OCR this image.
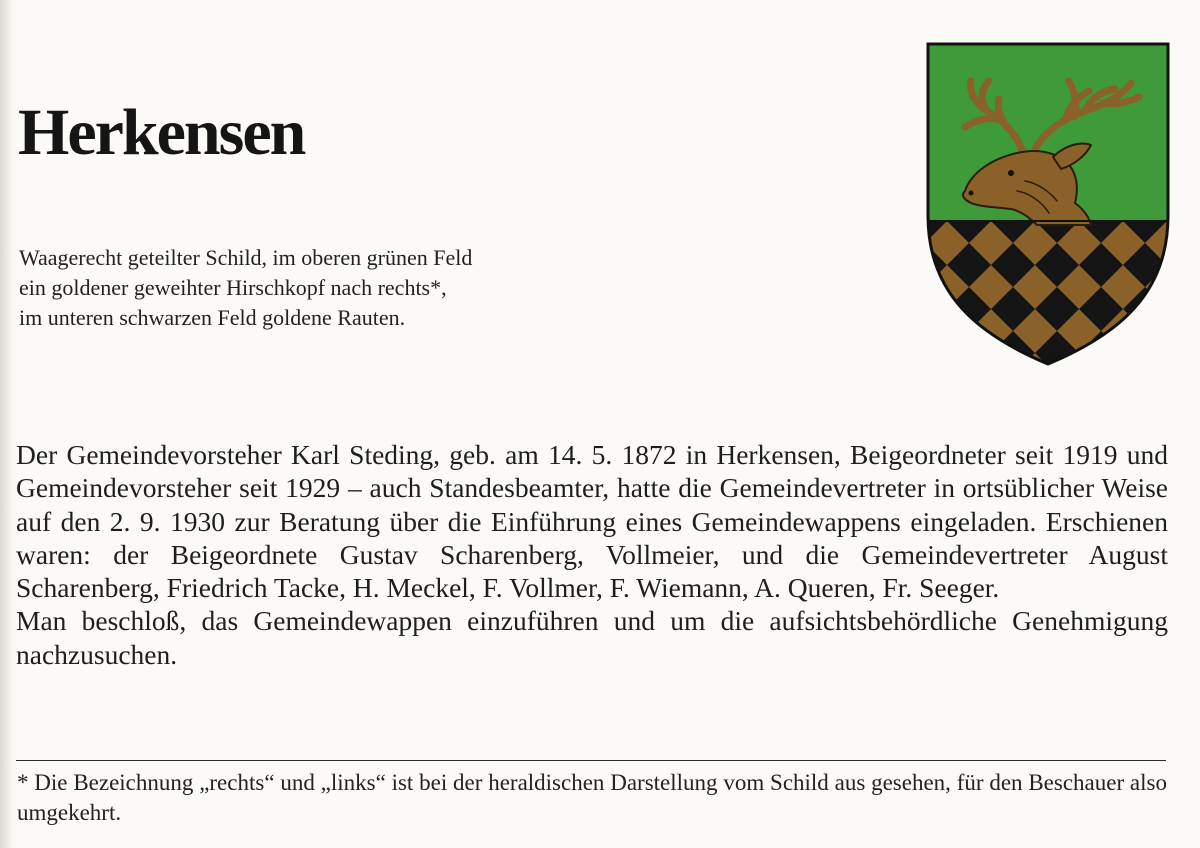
Herkensen
Waagerecht geteilter Schild, im oberen grünen Feld
ein goldener geweihter Hirschkopf nach rechts*,
im unteren schwarzen Feld goldene Rauten.

Der Gemeindevorsteher Karl Steding, geb. am 14. 5. 1872 in Herkensen, Beigeordneter seit 1919 und Gemeindevorsteher seit 1929 – auch Standesbeamter, hatte die Gemeindevertreter in ortsüblicher Weise auf den 2. 9. 1930 zur Beratung über die Einführung eines Gemeindewappens eingeladen. Erschienen waren: der Beigeordnete Gustav Scharenberg, Vollmeier, und die Gemeindevertreter August Scharenberg, Friedrich Tacke, H. Meckel, F. Vollmer, F. Wiemann, A. Queren, Fr. Seeger.

Man beschloß, das Gemeindewappen einzuführen und um die aufsichtsbehördliche Genehmigung nachzusuchen.

* Die Bezeichnung „rechts“ und „links“ ist bei der heraldischen Darstellung vom Schild aus gesehen, für den Beschauer also umgekehrt.
